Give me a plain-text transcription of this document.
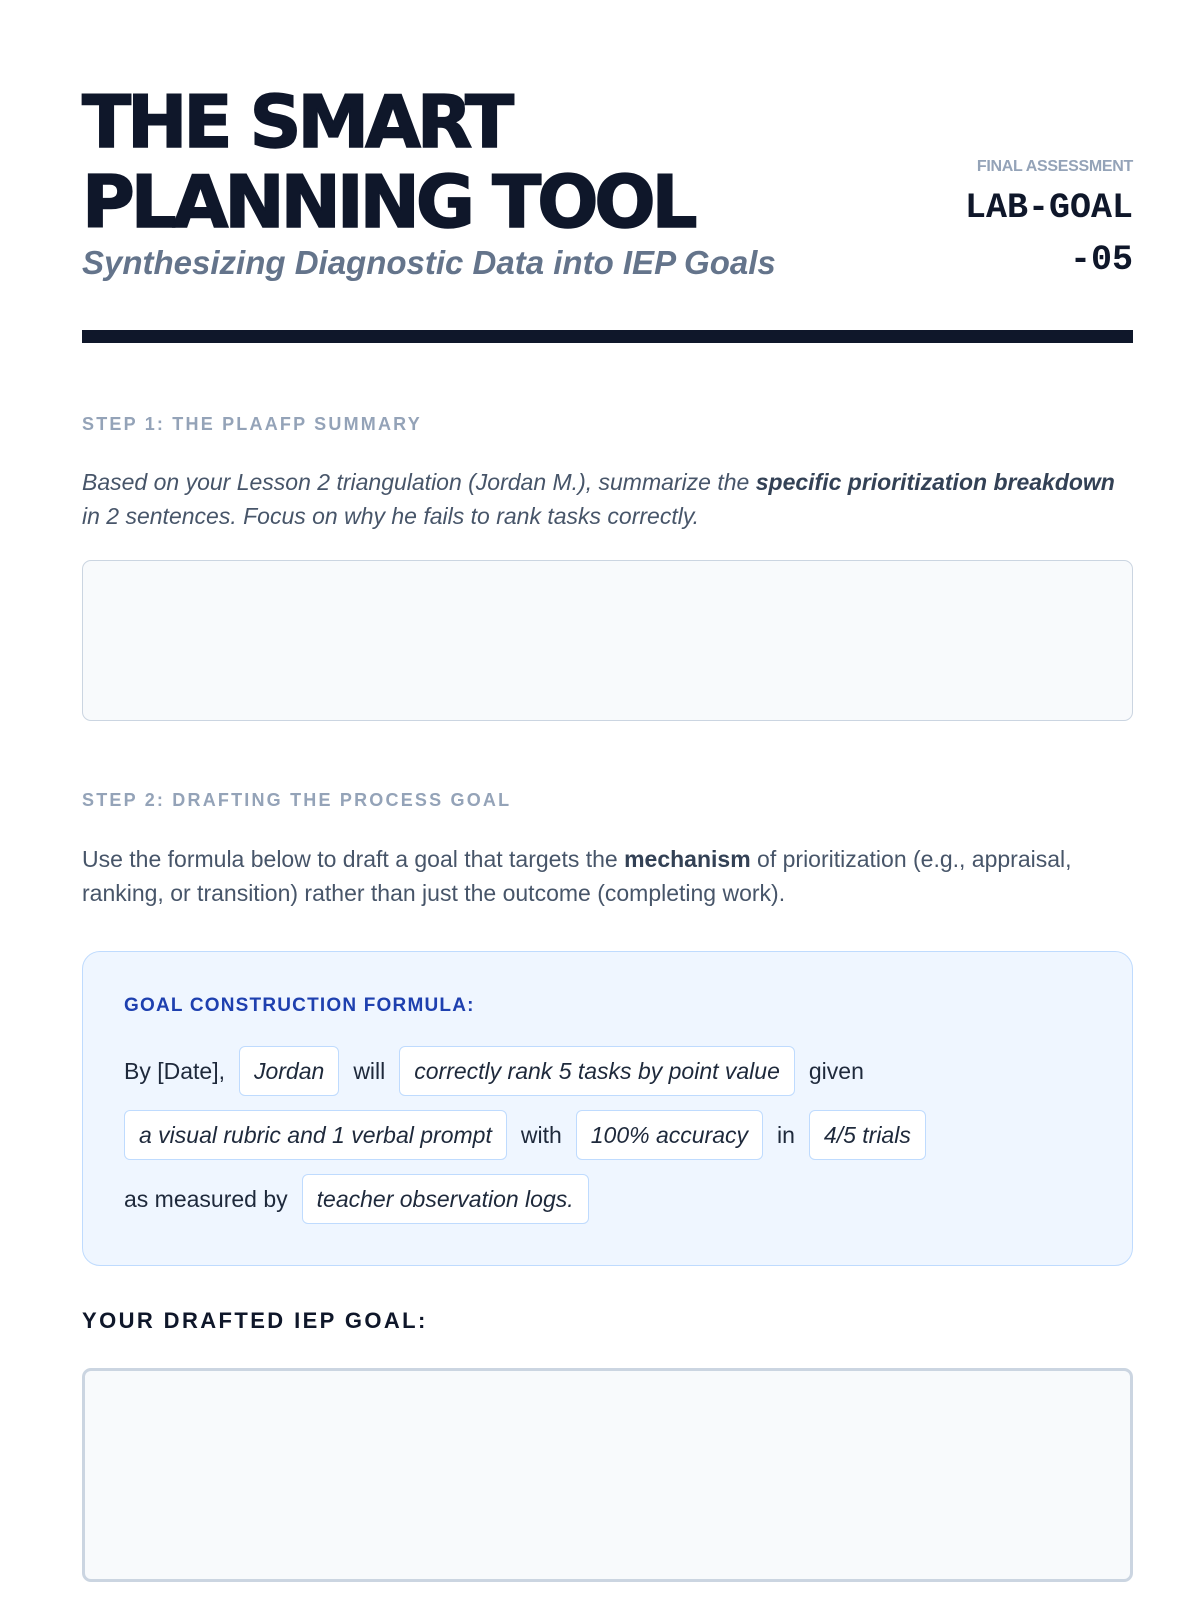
THE SMART
PLANNING TOOL

Synthesizing Diagnostic Data into IEP Goals

FINAL ASSESSMENT
LAB-GOAL-05
STEP 1: THE PLAAFP SUMMARY

Based on your Lesson 2 triangulation (Jordan M.), summarize the specific prioritization breakdown in 2 sentences. Focus on why he fails to rank tasks correctly.

STEP 2: DRAFTING THE PROCESS GOAL

Use the formula below to draft a goal that targets the mechanism of prioritization (e.g., appraisal, ranking, or transition) rather than just the outcome (completing work).

GOAL CONSTRUCTION FORMULA:
By [Date],	Jordan	will	correctly rank 5 tasks by point value	given
a visual rubric and 1 verbal prompt	with	100% accuracy	in	4/5 trials
as measured by	teacher observation logs.
YOUR DRAFTED IEP GOAL:
